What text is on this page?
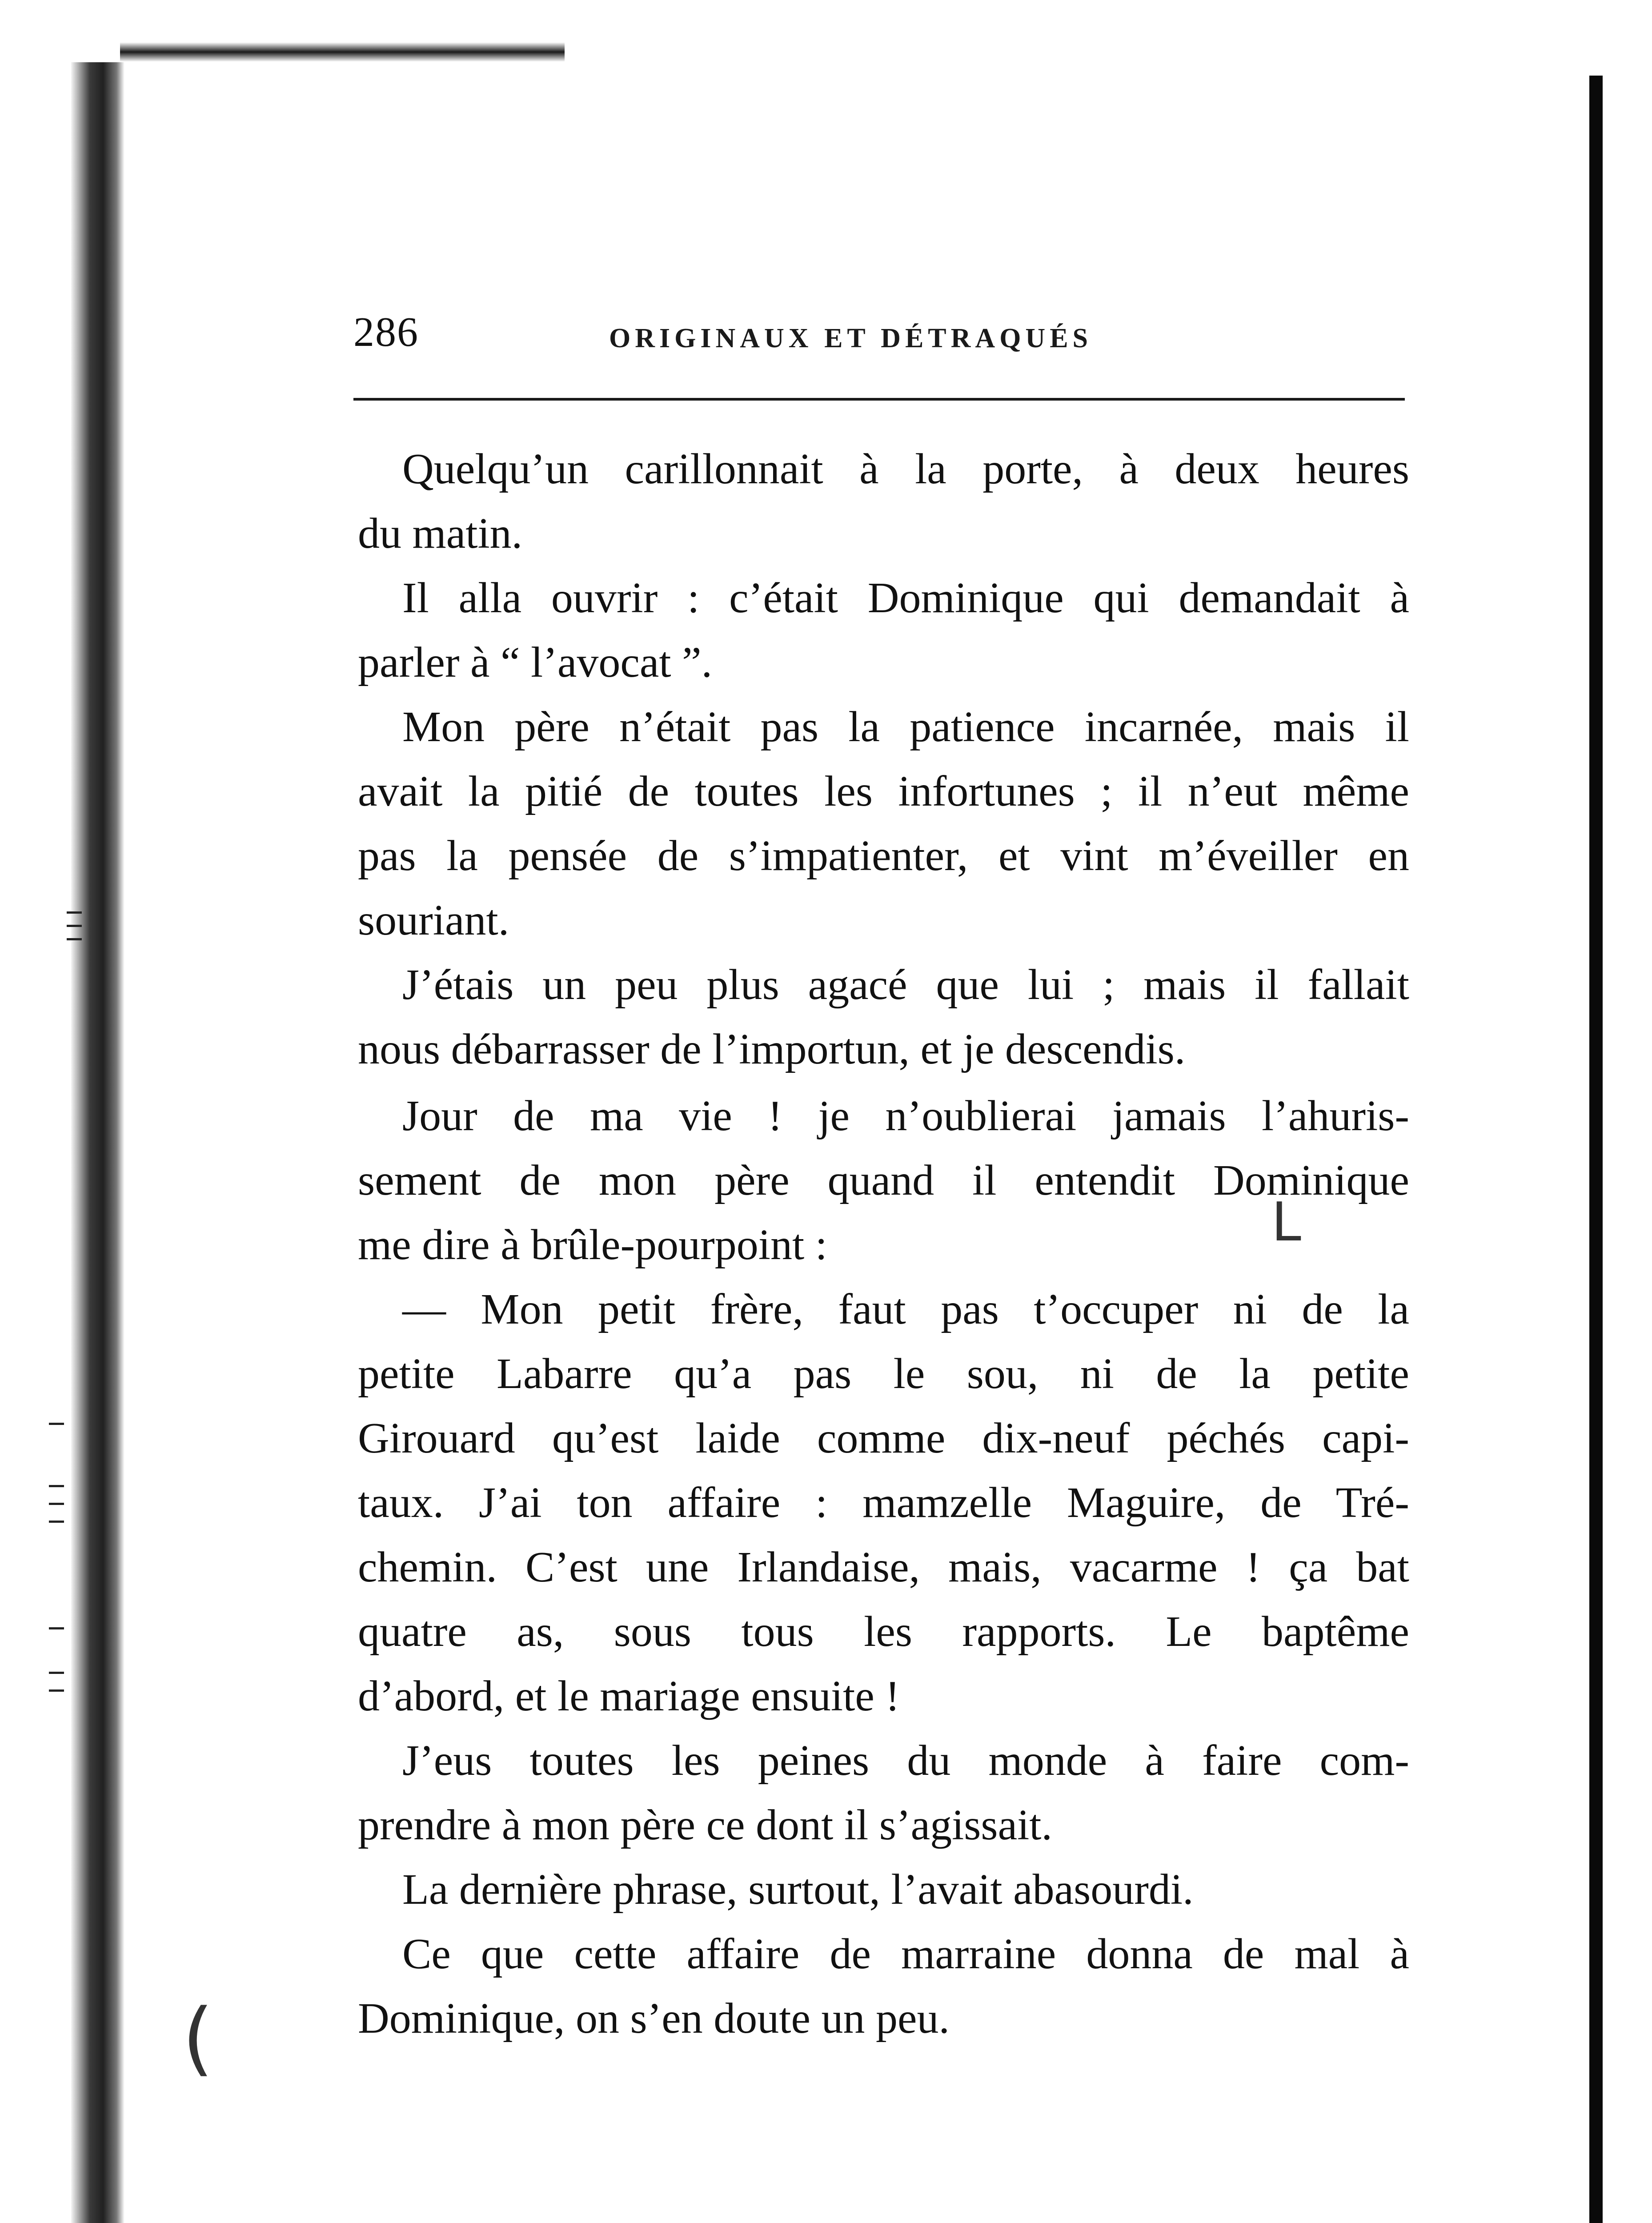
286	ORIGINAUX ET DÉTRAQUÉS
Quelqu’un carillonnait à la porte, à deux heures
du matin.
Il alla ouvrir : c’était Dominique qui demandait à
parler à “ l’avocat ”.
Mon père n’était pas la patience incarnée, mais il
avait la pitié de toutes les infortunes ; il n’eut même
pas la pensée de s’impatienter, et vint m’éveiller en
souriant.
J’étais un peu plus agacé que lui ; mais il fallait
nous débarrasser de l’importun, et je descendis.
Jour de ma vie ! je n’oublierai jamais l’ahuris-
sement de mon père quand il entendit Dominique
me dire à brûle-pourpoint :
— Mon petit frère, faut pas t’occuper ni de la
petite Labarre qu’a pas le sou, ni de la petite
Girouard qu’est laide comme dix-neuf péchés capi-
taux. J’ai ton affaire : mamzelle Maguire, de Tré-
chemin. C’est une Irlandaise, mais, vacarme ! ça bat
quatre as, sous tous les rapports. Le baptême
d’abord, et le mariage ensuite !
J’eus toutes les peines du monde à faire com-
prendre à mon père ce dont il s’agissait.
La dernière phrase, surtout, l’avait abasourdi.
Ce que cette affaire de marraine donna de mal à
Dominique, on s’en doute un peu.
(
L
